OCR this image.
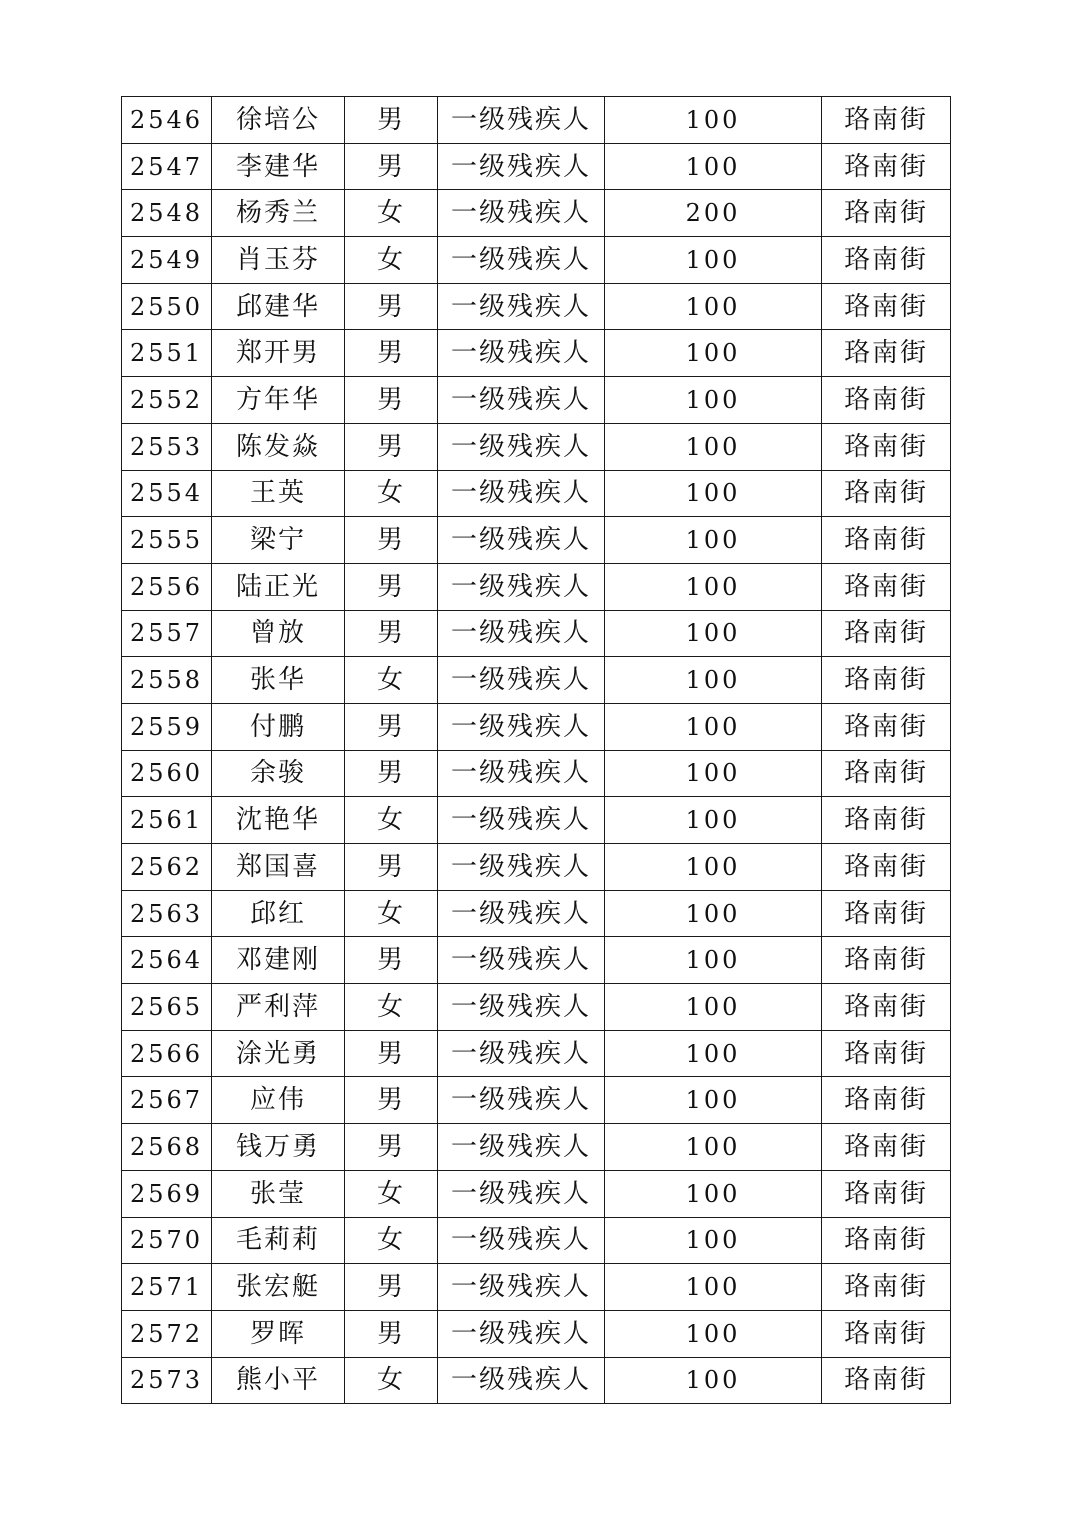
2546	徐培公	男	一级残疾人	100	珞南街
2547	李建华	男	一级残疾人	100	珞南街
2548	杨秀兰	女	一级残疾人	200	珞南街
2549	肖玉芬	女	一级残疾人	100	珞南街
2550	邱建华	男	一级残疾人	100	珞南街
2551	郑开男	男	一级残疾人	100	珞南街
2552	方年华	男	一级残疾人	100	珞南街
2553	陈发焱	男	一级残疾人	100	珞南街
2554	王英	女	一级残疾人	100	珞南街
2555	梁宁	男	一级残疾人	100	珞南街
2556	陆正光	男	一级残疾人	100	珞南街
2557	曾放	男	一级残疾人	100	珞南街
2558	张华	女	一级残疾人	100	珞南街
2559	付鹏	男	一级残疾人	100	珞南街
2560	余骏	男	一级残疾人	100	珞南街
2561	沈艳华	女	一级残疾人	100	珞南街
2562	郑国喜	男	一级残疾人	100	珞南街
2563	邱红	女	一级残疾人	100	珞南街
2564	邓建刚	男	一级残疾人	100	珞南街
2565	严利萍	女	一级残疾人	100	珞南街
2566	涂光勇	男	一级残疾人	100	珞南街
2567	应伟	男	一级残疾人	100	珞南街
2568	钱万勇	男	一级残疾人	100	珞南街
2569	张莹	女	一级残疾人	100	珞南街
2570	毛莉莉	女	一级残疾人	100	珞南街
2571	张宏艇	男	一级残疾人	100	珞南街
2572	罗晖	男	一级残疾人	100	珞南街
2573	熊小平	女	一级残疾人	100	珞南街
